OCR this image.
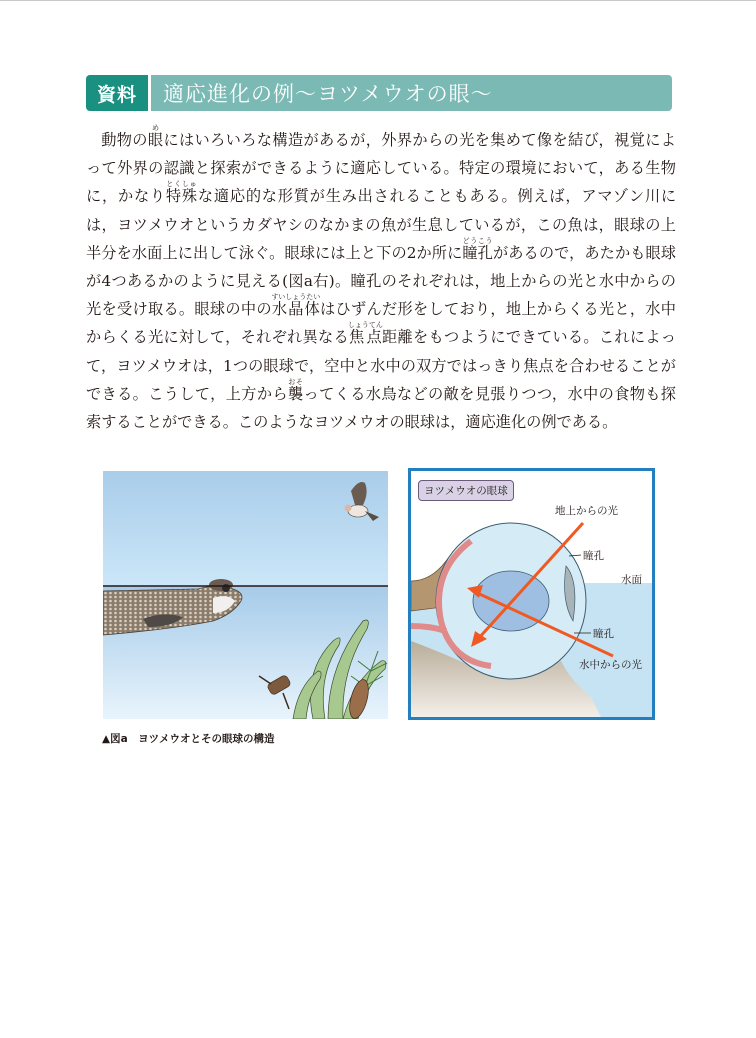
資料	適応進化の例〜ヨツメウオの眼〜

動物の眼めにはいろいろな構造があるが，外界からの光を集めて像を結び，視覚によって外界の認識と探索ができるように適応している。特定の環境において，ある生物に，かなり特殊とくしゅな適応的な形質が生み出されることもある。例えば，アマゾン川には，ヨツメウオというカダヤシのなかまの魚が生息しているが，この魚は，眼球の上半分を水面上に出して泳ぐ。眼球には上と下の2か所に瞳孔どうこうがあるので，あたかも眼球が4つあるかのように見える(図a右)。瞳孔のそれぞれは，地上からの光と水中からの光を受け取る。眼球の中の水晶体すいしょうたいはひずんだ形をしており，地上からくる光と，水中からくる光に対して，それぞれ異なる焦点しょうてん距離をもつようにできている。これによって，ヨツメウオは，1つの眼球で，空中と水中の双方ではっきり焦点を合わせることができる。こうして，上方から襲おそってくる水鳥などの敵を見張りつつ，水中の食物も探索することができる。このようなヨツメウオの眼球は，適応進化の例である。

ヨツメウオの眼球
地上からの光
瞳孔
水面
瞳孔
水中からの光
▲図a　ヨツメウオとその眼球の構造
